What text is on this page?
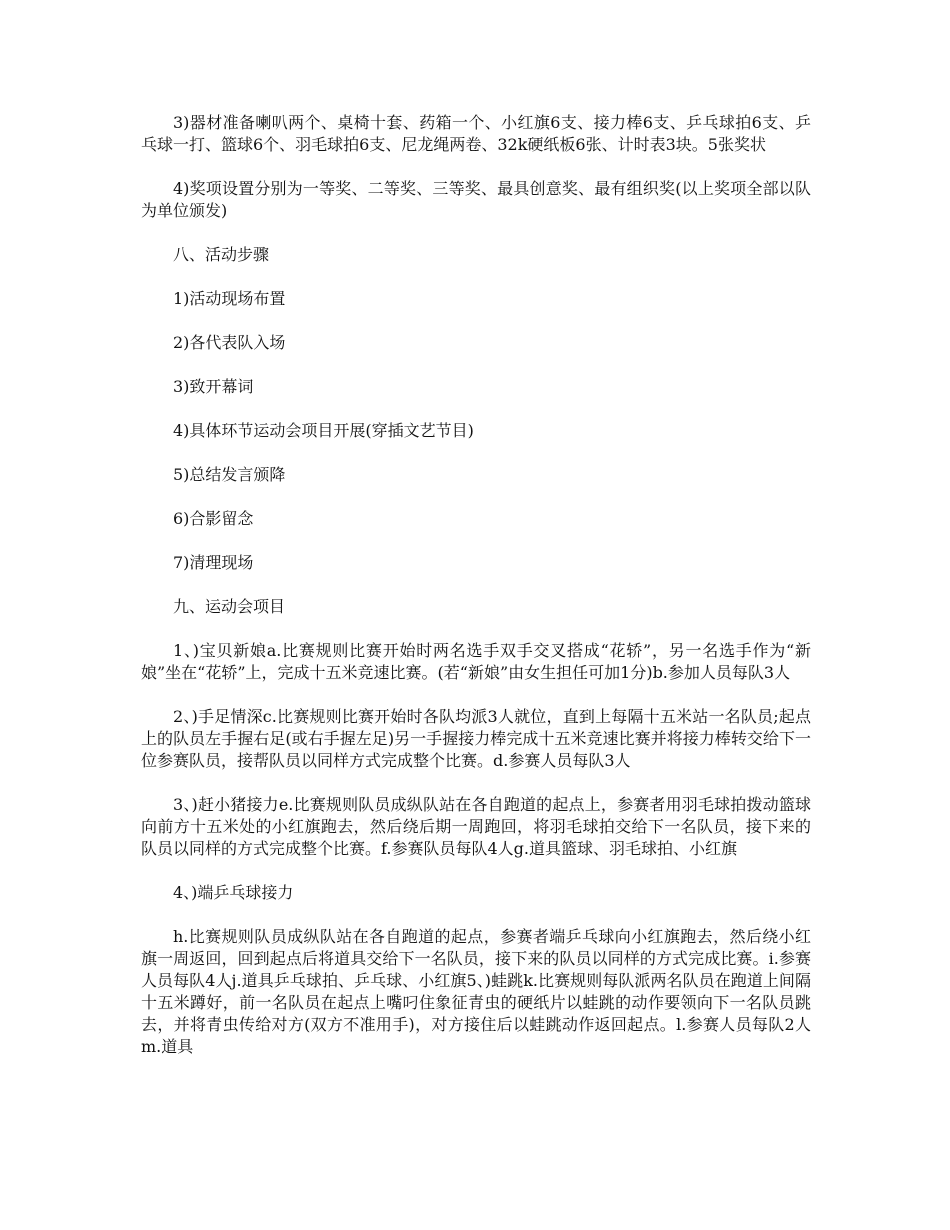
3)器材准备喇叭两个、桌椅十套、药箱一个、小红旗6支、接力棒6支、乒乓球拍6支、乒乓球一打、篮球6个、羽毛球拍6支、尼龙绳两卷、32k硬纸板6张、计时表3块。5张奖状

4)奖项设置分别为一等奖、二等奖、三等奖、最具创意奖、最有组织奖(以上奖项全部以队为单位颁发)

八、活动步骤

1)活动现场布置

2)各代表队入场

3)致开幕词

4)具体环节运动会项目开展(穿插文艺节目)

5)总结发言颁降

6)合影留念

7)清理现场

九、运动会项目

1、)宝贝新娘a.比赛规则比赛开始时两名选手双手交叉搭成“花轿”，另一名选手作为“新娘”坐在“花轿”上，完成十五米竞速比赛。(若“新娘”由女生担任可加1分)b.参加人员每队3人

2、)手足情深c.比赛规则比赛开始时各队均派3人就位，直到上每隔十五米站一名队员;起点上的队员左手握右足(或右手握左足)另一手握接力棒完成十五米竞速比赛并将接力棒转交给下一位参赛队员，接帮队员以同样方式完成整个比赛。d.参赛人员每队3人

3、)赶小猪接力e.比赛规则队员成纵队站在各自跑道的起点上，参赛者用羽毛球拍拨动篮球向前方十五米处的小红旗跑去，然后绕后期一周跑回，将羽毛球拍交给下一名队员，接下来的队员以同样的方式完成整个比赛。f.参赛队员每队4人g.道具篮球、羽毛球拍、小红旗

4、)端乒乓球接力

h.比赛规则队员成纵队站在各自跑道的起点，参赛者端乒乓球向小红旗跑去，然后绕小红旗一周返回，回到起点后将道具交给下一名队员，接下来的队员以同样的方式完成比赛。i.参赛人员每队4人j.道具乒乓球拍、乒乓球、小红旗5、)蛙跳k.比赛规则每队派两名队员在跑道上间隔十五米蹲好，前一名队员在起点上嘴叼住象征青虫的硬纸片以蛙跳的动作要领向下一名队员跳去，并将青虫传给对方(双方不准用手)，对方接住后以蛙跳动作返回起点。l.参赛人员每队2人m.道具
